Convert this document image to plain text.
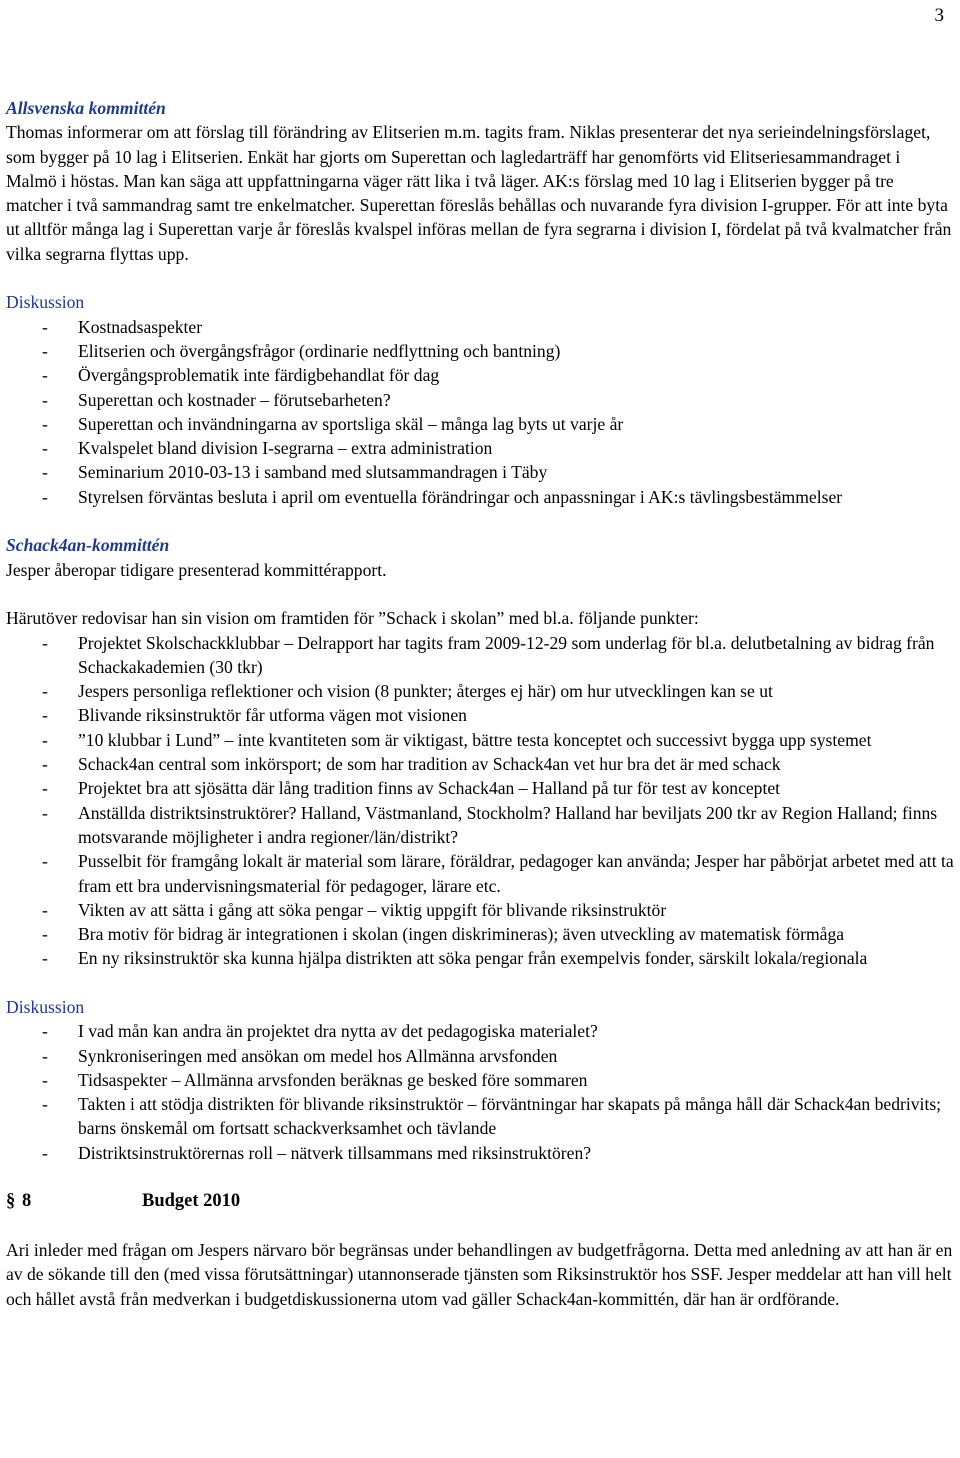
3

Allsvenska kommittén

Thomas informerar om att förslag till förändring av Elitserien m.m. tagits fram. Niklas presenterar det nya serieindelningsförslaget, som bygger på 10 lag i Elitserien. Enkät har gjorts om Superettan och lagledarträff har genomförts vid Elitseriesammandraget i Malmö i höstas. Man kan säga att uppfattningarna väger rätt lika i två läger. AK:s förslag med 10 lag i Elitserien bygger på tre matcher i två sammandrag samt tre enkelmatcher. Superettan föreslås behållas och nuvarande fyra division I-grupper. För att inte byta ut alltför många lag i Superettan varje år föreslås kvalspel införas mellan de fyra segrarna i division I, fördelat på två kvalmatcher från vilka segrarna flyttas upp.

Diskussion

- Kostnadsaspekter
- Elitserien och övergångsfrågor (ordinarie nedflyttning och bantning)
- Övergångsproblematik inte färdigbehandlat för dag
- Superettan och kostnader – förutsebarheten?
- Superettan och invändningarna av sportsliga skäl – många lag byts ut varje år
- Kvalspelet bland division I-segrarna – extra administration
- Seminarium 2010-03-13 i samband med slutsammandragen i Täby
- Styrelsen förväntas besluta i april om eventuella förändringar och anpassningar i AK:s tävlingsbestämmelser

Schack4an-kommittén

Jesper åberopar tidigare presenterad kommittérapport.

Härutöver redovisar han sin vision om framtiden för ”Schack i skolan” med bl.a. följande punkter:

- Projektet Skolschackklubbar – Delrapport har tagits fram 2009-12-29 som underlag för bl.a. delutbetalning av bidrag från Schackakademien (30 tkr)
- Jespers personliga reflektioner och vision (8 punkter; återges ej här) om hur utvecklingen kan se ut
- Blivande riksinstruktör får utforma vägen mot visionen
- ”10 klubbar i Lund” – inte kvantiteten som är viktigast, bättre testa konceptet och successivt bygga upp systemet
- Schack4an central som inkörsport; de som har tradition av Schack4an vet hur bra det är med schack
- Projektet bra att sjösätta där lång tradition finns av Schack4an – Halland på tur för test av konceptet
- Anställda distriktsinstruktörer? Halland, Västmanland, Stockholm? Halland har beviljats 200 tkr av Region Halland; finns motsvarande möjligheter i andra regioner/län/distrikt?
- Pusselbit för framgång lokalt är material som lärare, föräldrar, pedagoger kan använda; Jesper har påbörjat arbetet med att ta fram ett bra undervisningsmaterial för pedagoger, lärare etc.
- Vikten av att sätta i gång att söka pengar – viktig uppgift för blivande riksinstruktör
- Bra motiv för bidrag är integrationen i skolan (ingen diskrimineras); även utveckling av matematisk förmåga
- En ny riksinstruktör ska kunna hjälpa distrikten att söka pengar från exempelvis fonder, särskilt lokala/regionala

Diskussion

- I vad mån kan andra än projektet dra nytta av det pedagogiska materialet?
- Synkroniseringen med ansökan om medel hos Allmänna arvsfonden
- Tidsaspekter – Allmänna arvsfonden beräknas ge besked före sommaren
- Takten i att stödja distrikten för blivande riksinstruktör – förväntningar har skapats på många håll där Schack4an bedrivits; barns önskemål om fortsatt schackverksamhet och tävlande
- Distriktsinstruktörernas roll – nätverk tillsammans med riksinstruktören?
§ 8	Budget 2010

Ari inleder med frågan om Jespers närvaro bör begränsas under behandlingen av budgetfrågorna. Detta med anledning av att han är en av de sökande till den (med vissa förutsättningar) utannonserade tjänsten som Riksinstruktör hos SSF. Jesper meddelar att han vill helt och hållet avstå från medverkan i budgetdiskussionerna utom vad gäller Schack4an-kommittén, där han är ordförande.
